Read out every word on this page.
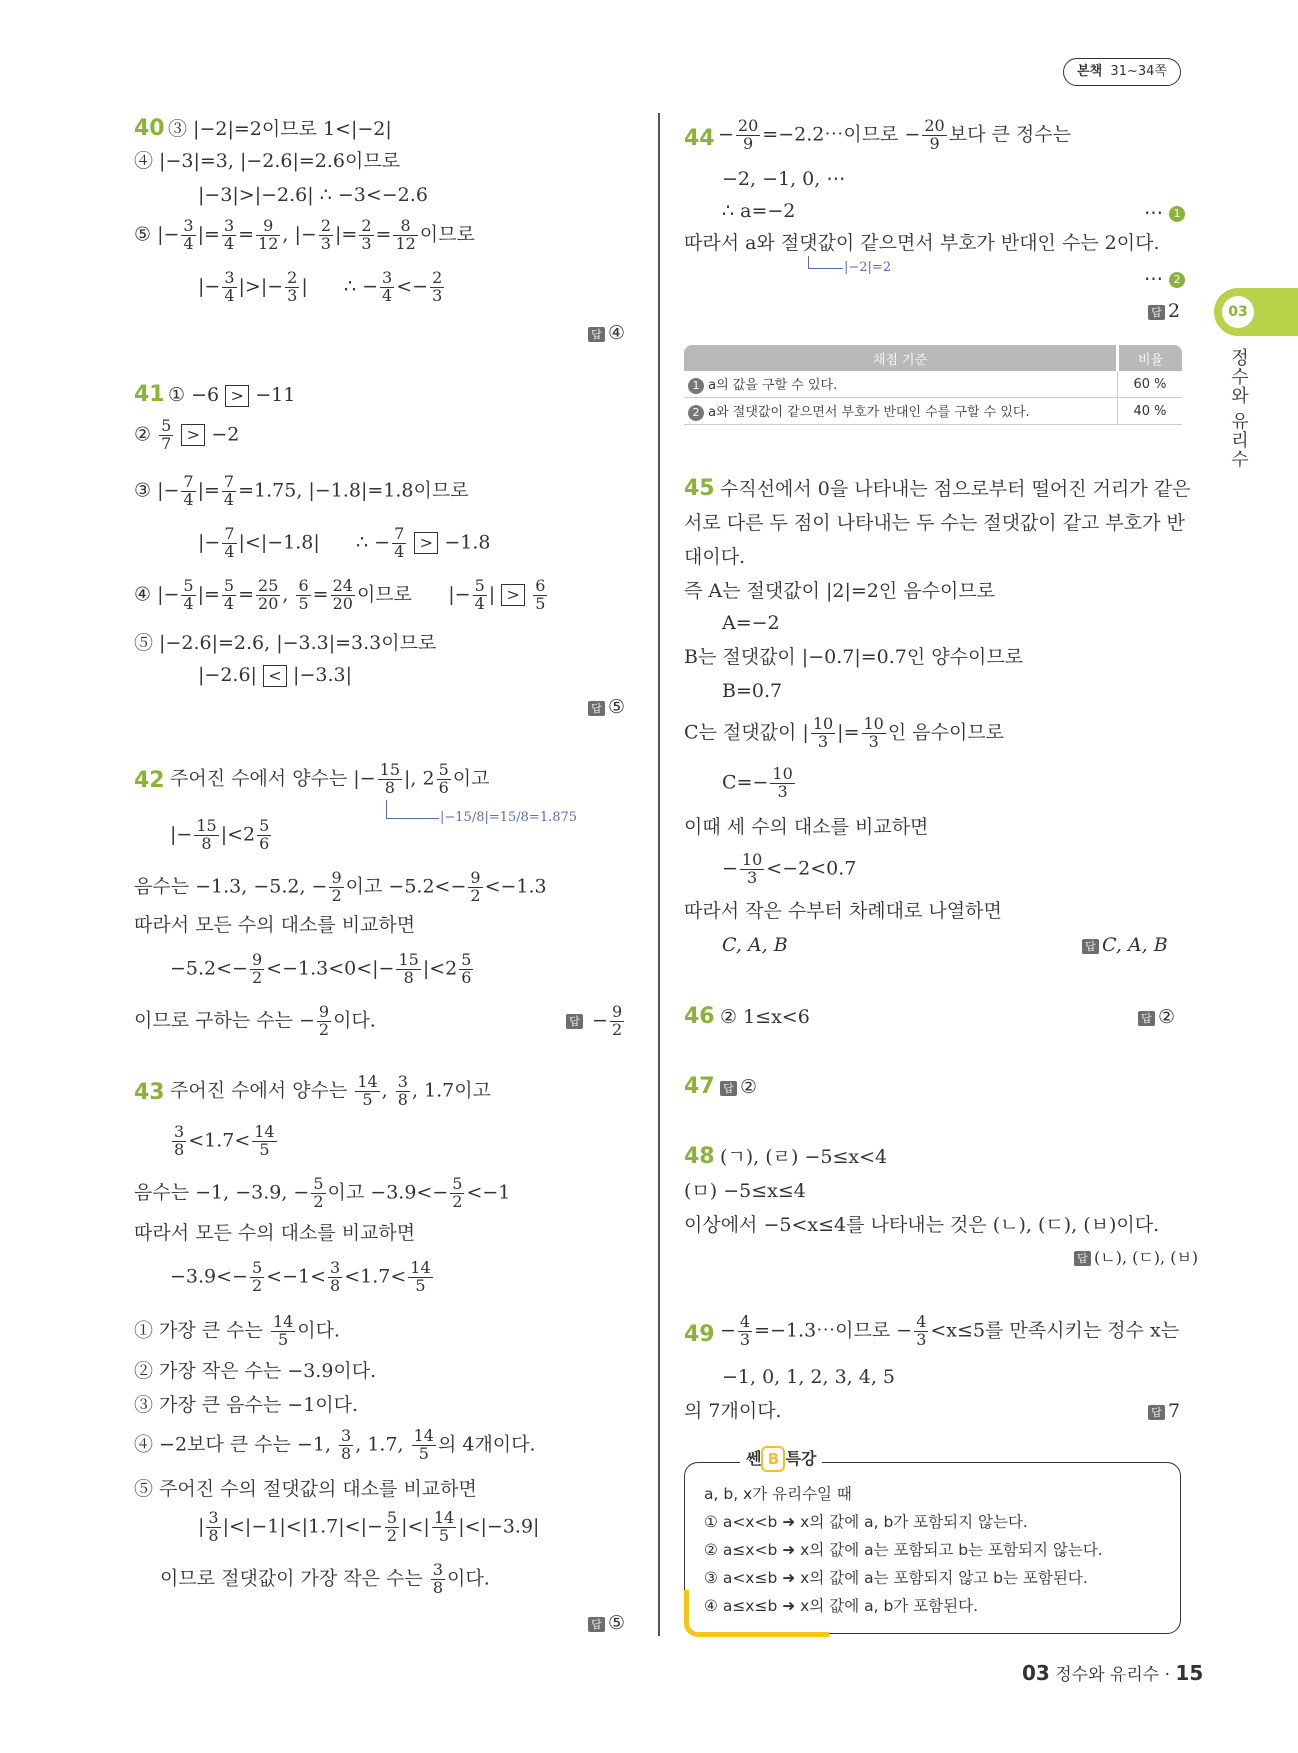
본책 31~34쪽
03
정수와 유리수
40 ③ |−2|=2이므로 1<|−2|
④ |−3|=3, |−2.6|=2.6이므로
|−3|>|−2.6| ∴ −3<−2.6
⑤ |− $\frac{3}{4}$ |= $\frac{3}{4} = \frac{9}{12}$ , |− $\frac{2}{3}$ |= $\frac{2}{3} = \frac{8}{12}$ 이므로
|− $\frac{3}{4}$ |>|− $\frac{2}{3}$ |      ∴ − $\frac{3}{4} <- \frac{2}{3}$
답 ④
41 ① −6 > −11
② $\frac{5}{7} > -2$
③ |− $\frac{7}{4}$ |= $\frac{7}{4} =1.75$, |−1.8|=1.8이므로
|− $\frac{7}{4} |<|-1.8|$      ∴ − $\frac{7}{4} > -1.8$
④ |− $\frac{5}{4}$ |= $\frac{5}{4} = \frac{25}{20}$ , $\frac{6}{5} = \frac{24}{20}$ 이므로      |− $\frac{5}{4}$ | > $\frac{6}{5}$
⑤ |−2.6|=2.6, |−3.3|=3.3이므로
|−2.6| < |−3.3|
답 ⑤
42 주어진 수에서 양수는 |− $\frac{15}{8}$ |, $2 \frac{5}{6}$ 이고
|−15/8|=15/8=1.875
|− $\frac{15}{8} |<2 \frac{5}{6}$
음수는 −1.3, −5.2, − $\frac{9}{2}$ 이고 $-5.2<- \frac{9}{2} <-1.3$
따라서 모든 수의 대소를 비교하면
$-5.2<- \frac{9}{2} <-1.3<0<|- \frac{15}{8} |<2 \frac{5}{6}$
이므로 구하는 수는 − $\frac{9}{2}$ 이다.	답 − $\frac{9}{2}$
43 주어진 수에서 양수는 $\frac{14}{5}$ , $\frac{3}{8}$ , 1.7이고
$\frac{3}{8} <1.7< \frac{14}{5}$
음수는 −1, −3.9, − $\frac{5}{2}$ 이고 $-3.9<- \frac{5}{2} <-1$
따라서 모든 수의 대소를 비교하면
$-3.9<- \frac{5}{2} <-1< \frac{3}{8} <1.7< \frac{14}{5}$
① 가장 큰 수는 $\frac{14}{5}$ 이다.
② 가장 작은 수는 −3.9이다.
③ 가장 큰 음수는 −1이다.
④ −2보다 큰 수는 −1, $\frac{3}{8}$ , 1.7, $\frac{14}{5}$ 의 4개이다.
⑤ 주어진 수의 절댓값의 대소를 비교하면
| $\frac{3}{8} |<|-1|<|1.7|<|- \frac{5}{2}$ |<| $\frac{14}{5} |<|-3.9|$
이므로 절댓값이 가장 작은 수는 $\frac{3}{8}$ 이다.
답 ⑤
$44 - \frac{20}{9}$ =−2.2⋯이므로 − $\frac{20}{9}$ 보다 큰 정수는
−2, −1, 0, ⋯
∴ a=−2	⋯ 1
따라서 a와 절댓값이 같으면서 부호가 반대인 수는 2이다.
|−2|=2
⋯ 2
답 2
채점 기준	비율
1 a의 값을 구할 수 있다.	60 %
2 a와 절댓값이 같으면서 부호가 반대인 수를 구할 수 있다.	40 %
45 수직선에서 0을 나타내는 점으로부터 떨어진 거리가 같은
서로 다른 두 점이 나타내는 두 수는 절댓값이 같고 부호가 반
대이다.
즉 A는 절댓값이 |2|=2인 음수이므로
A=−2
B는 절댓값이 |−0.7|=0.7인 양수이므로
B=0.7
C는 절댓값이 | $\frac{10}{3}$ |= $\frac{10}{3}$ 인 음수이므로
$C=- \frac{10}{3}$
이때 세 수의 대소를 비교하면
− $\frac{10}{3} <-2<0.7$
따라서 작은 수부터 차례대로 나열하면
C, A, B	답 C, A, B
46 ② 1≤x<6	답 ②
47 답 ②
48 (ㄱ), (ㄹ) −5≤x<4
(ㅁ) −5≤x≤4
이상에서 −5<x≤4를 나타내는 것은 (ㄴ), (ㄷ), (ㅂ)이다.
답 (ㄴ), (ㄷ), (ㅂ)
$49 - \frac{4}{3}$ =−1.3⋯이므로 − $\frac{4}{3} <x\le 5$를 만족시키는 정수 x는
−1, 0, 1, 2, 3, 4, 5
의 7개이다.	답 7
쎈 B 특강
a, b, x가 유리수일 때
① a<x<b ➜ x의 값에 a, b가 포함되지 않는다.
② a≤x<b ➜ x의 값에 a는 포함되고 b는 포함되지 않는다.
③ a<x≤b ➜ x의 값에 a는 포함되지 않고 b는 포함된다.
④ a≤x≤b ➜ x의 값에 a, b가 포함된다.
03 정수와 유리수 · 15
